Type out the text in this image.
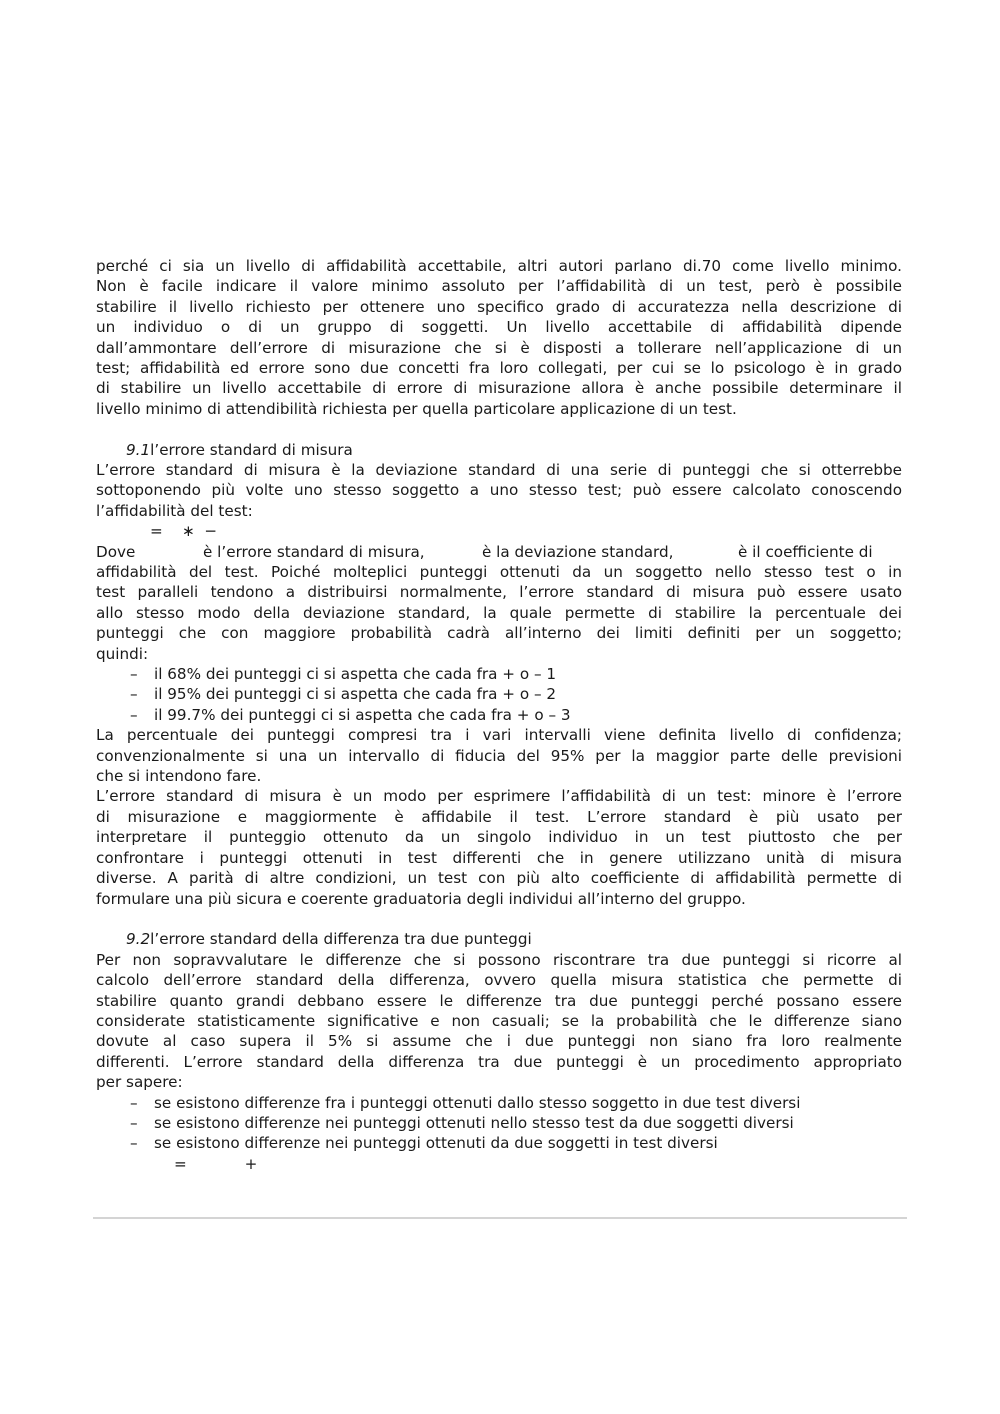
perché ci sia un livello di affidabilità accettabile, altri autori parlano di.70 come livello minimo.
Non è facile indicare il valore minimo assoluto per l’affidabilità di un test, però è possibile
stabilire il livello richiesto per ottenere uno specifico grado di accuratezza nella descrizione di
un individuo o di un gruppo di soggetti. Un livello accettabile di affidabilità dipende
dall’ammontare dell’errore di misurazione che si è disposti a tollerare nell’applicazione di un
test; affidabilità ed errore sono due concetti fra loro collegati, per cui se lo psicologo è in grado
di stabilire un livello accettabile di errore di misurazione allora è anche possibile determinare il
livello minimo di attendibilità richiesta per quella particolare applicazione di un test.
9.1l’errore standard di misura
L’errore standard di misura è la deviazione standard di una serie di punteggi che si otterrebbe
sottoponendo più volte uno stesso soggetto a uno stesso test; può essere calcolato conoscendo
l’affidabilità del test:
=    ∗  −
Dove	è l’errore standard di misura,	è la deviazione standard,	è il coefficiente di
affidabilità del test. Poiché molteplici punteggi ottenuti da un soggetto nello stesso test o in
test paralleli tendono a distribuirsi normalmente, l’errore standard di misura può essere usato
allo stesso modo della deviazione standard, la quale permette di stabilire la percentuale dei
punteggi che con maggiore probabilità cadrà all’interno dei limiti definiti per un soggetto;
quindi:
– il 68% dei punteggi ci si aspetta che cada fra + o – 1
– il 95% dei punteggi ci si aspetta che cada fra + o – 2
– il 99.7% dei punteggi ci si aspetta che cada fra + o – 3
La percentuale dei punteggi compresi tra i vari intervalli viene definita livello di confidenza;
convenzionalmente si una un intervallo di fiducia del 95% per la maggior parte delle previsioni
che si intendono fare.
L’errore standard di misura è un modo per esprimere l’affidabilità di un test: minore è l’errore
di misurazione e maggiormente è affidabile il test. L’errore standard è più usato per
interpretare il punteggio ottenuto da un singolo individuo in un test piuttosto che per
confrontare i punteggi ottenuti in test differenti che in genere utilizzano unità di misura
diverse. A parità di altre condizioni, un test con più alto coefficiente di affidabilità permette di
formulare una più sicura e coerente graduatoria degli individui all’interno del gruppo.
9.2l’errore standard della differenza tra due punteggi
Per non sopravvalutare le differenze che si possono riscontrare tra due punteggi si ricorre al
calcolo dell’errore standard della differenza, ovvero quella misura statistica che permette di
stabilire quanto grandi debbano essere le differenze tra due punteggi perché possano essere
considerate statisticamente significative e non casuali; se la probabilità che le differenze siano
dovute al caso supera il 5% si assume che i due punteggi non siano fra loro realmente
differenti. L’errore standard della differenza tra due punteggi è un procedimento appropriato
per sapere:
– se esistono differenze fra i punteggi ottenuti dallo stesso soggetto in due test diversi
– se esistono differenze nei punteggi ottenuti nello stesso test da due soggetti diversi
– se esistono differenze nei punteggi ottenuti da due soggetti in test diversi
=            +
